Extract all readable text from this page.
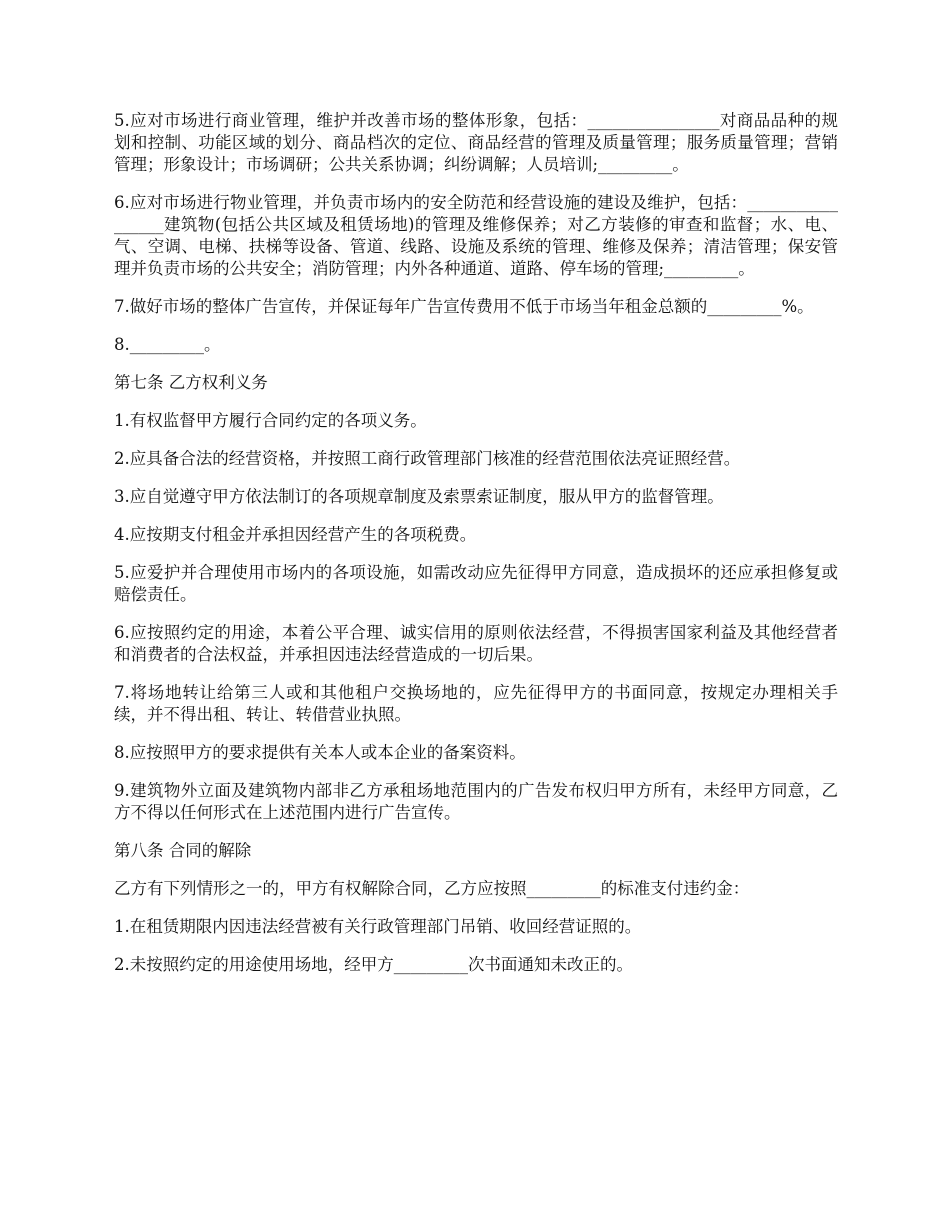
5.应对市场进行商业管理，维护并改善市场的整体形象，包括：________________对商品品种的规划和控制、功能区域的划分、商品档次的定位、商品经营的管理及质量管理；服务质量管理；营销管理；形象设计；市场调研；公共关系协调；纠纷调解；人员培训;_________。

6.应对市场进行物业管理，并负责市场内的安全防范和经营设施的建设及维护，包括：_________________建筑物(包括公共区域及租赁场地)的管理及维修保养；对乙方装修的审查和监督；水、电、气、空调、电梯、扶梯等设备、管道、线路、设施及系统的管理、维修及保养；清洁管理；保安管理并负责市场的公共安全；消防管理；内外各种通道、道路、停车场的管理;_________。

7.做好市场的整体广告宣传，并保证每年广告宣传费用不低于市场当年租金总额的_________%。

8._________。

第七条 乙方权利义务

1.有权监督甲方履行合同约定的各项义务。

2.应具备合法的经营资格，并按照工商行政管理部门核准的经营范围依法亮证照经营。

3.应自觉遵守甲方依法制订的各项规章制度及索票索证制度，服从甲方的监督管理。

4.应按期支付租金并承担因经营产生的各项税费。

5.应爱护并合理使用市场内的各项设施，如需改动应先征得甲方同意，造成损坏的还应承担修复或赔偿责任。

6.应按照约定的用途，本着公平合理、诚实信用的原则依法经营，不得损害国家利益及其他经营者和消费者的合法权益，并承担因违法经营造成的一切后果。

7.将场地转让给第三人或和其他租户交换场地的，应先征得甲方的书面同意，按规定办理相关手续，并不得出租、转让、转借营业执照。

8.应按照甲方的要求提供有关本人或本企业的备案资料。

9.建筑物外立面及建筑物内部非乙方承租场地范围内的广告发布权归甲方所有，未经甲方同意，乙方不得以任何形式在上述范围内进行广告宣传。

第八条 合同的解除

乙方有下列情形之一的，甲方有权解除合同，乙方应按照_________的标准支付违约金：

1.在租赁期限内因违法经营被有关行政管理部门吊销、收回经营证照的。

2.未按照约定的用途使用场地，经甲方_________次书面通知未改正的。
